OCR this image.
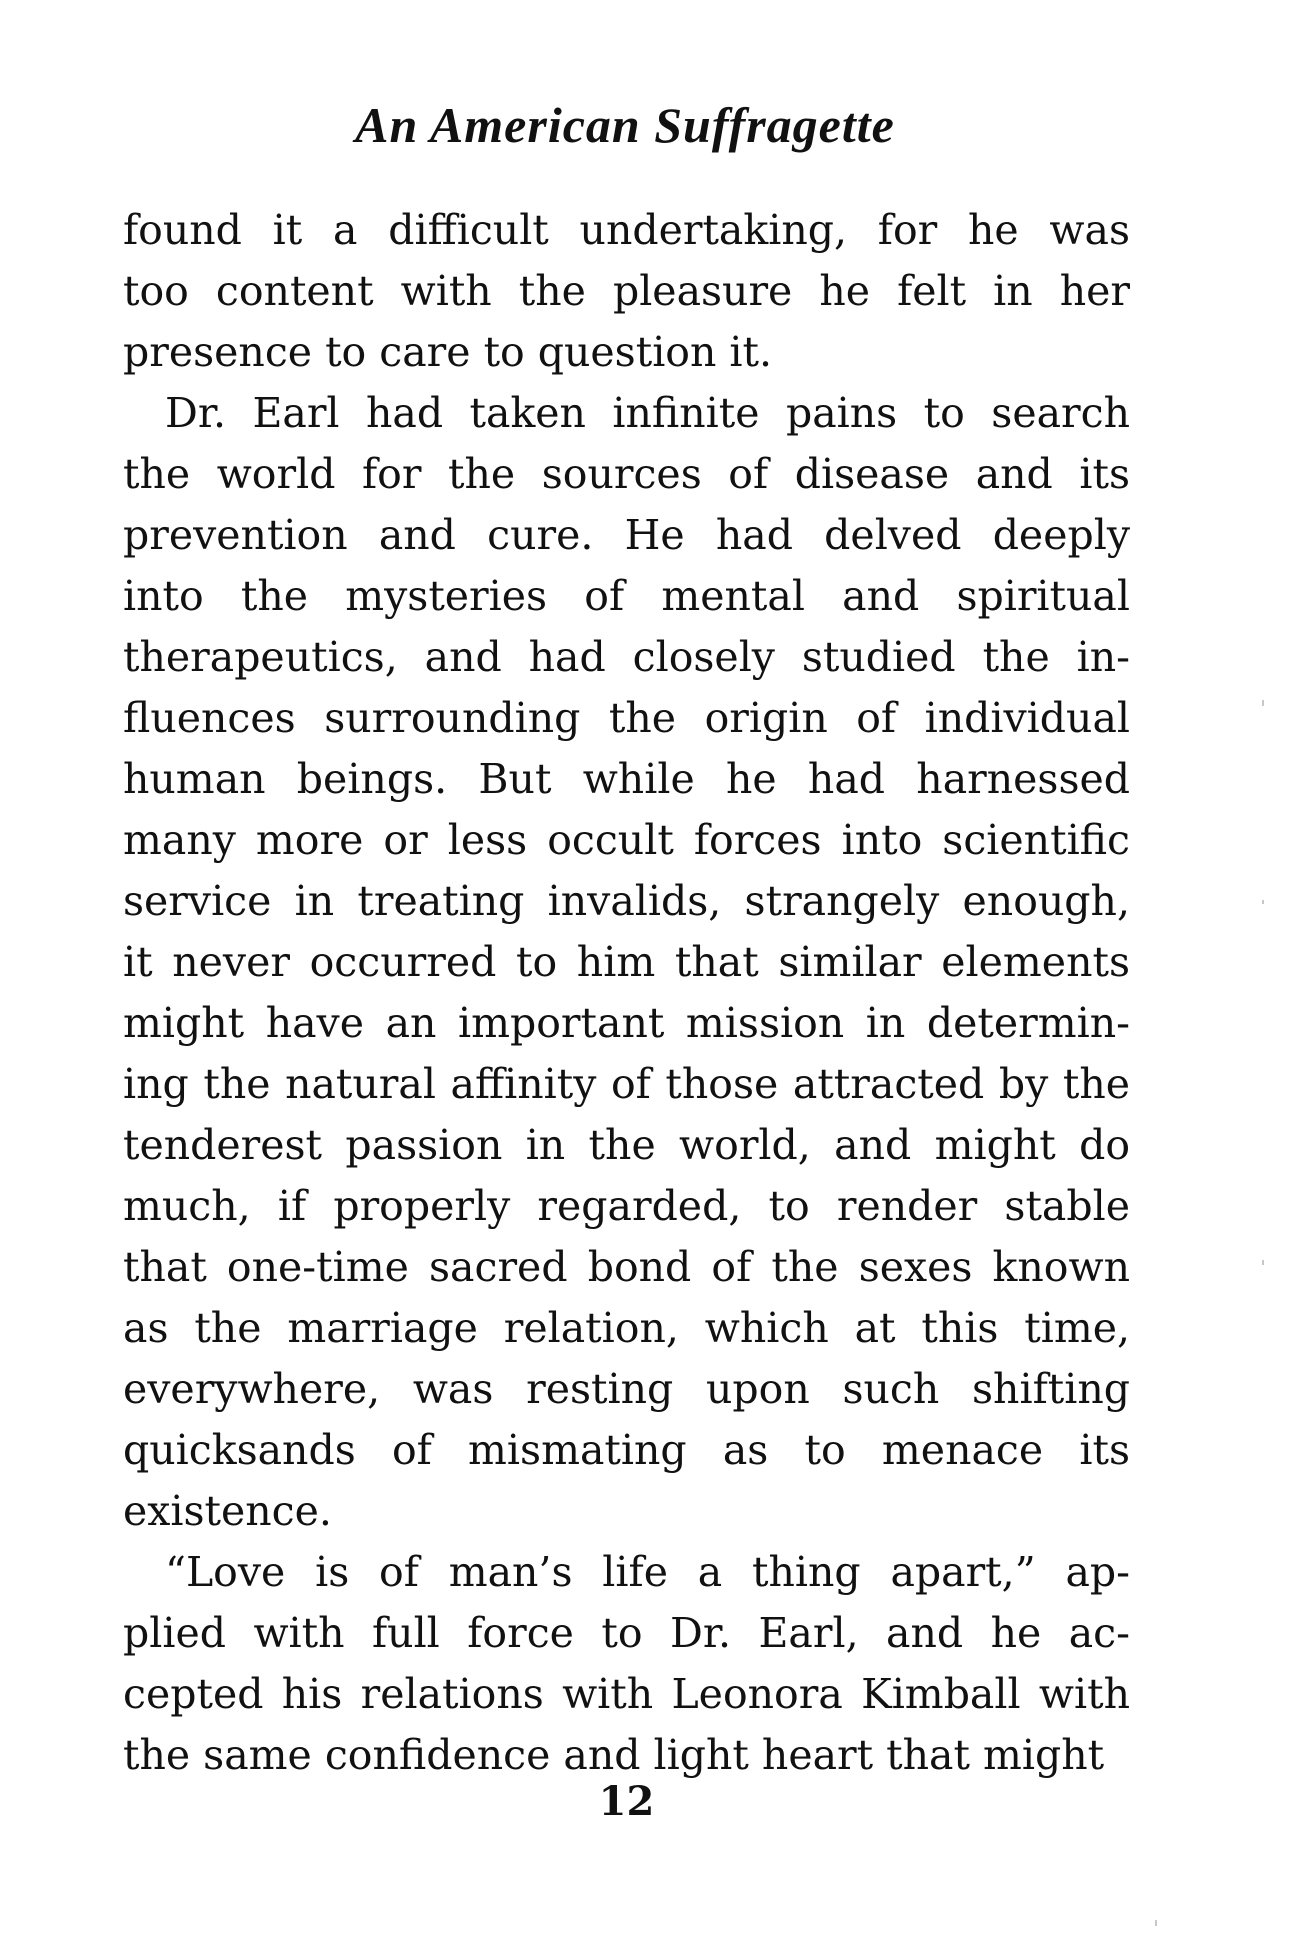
An American Suffragette
found it a difficult undertaking, for he was
too content with the pleasure he felt in her
presence to care to question it.
Dr. Earl had taken infinite pains to search
the world for the sources of disease and its
prevention and cure. He had delved deeply
into the mysteries of mental and spiritual
therapeutics, and had closely studied the in-
fluences surrounding the origin of individual
human beings. But while he had harnessed
many more or less occult forces into scientific
service in treating invalids, strangely enough,
it never occurred to him that similar elements
might have an important mission in determin-
ing the natural affinity of those attracted by the
tenderest passion in the world, and might do
much, if properly regarded, to render stable
that one-time sacred bond of the sexes known
as the marriage relation, which at this time,
everywhere, was resting upon such shifting
quicksands of mismating as to menace its
existence.
“Love is of man’s life a thing apart,” ap-
plied with full force to Dr. Earl, and he ac-
cepted his relations with Leonora Kimball with
the same confidence and light heart that might
12
